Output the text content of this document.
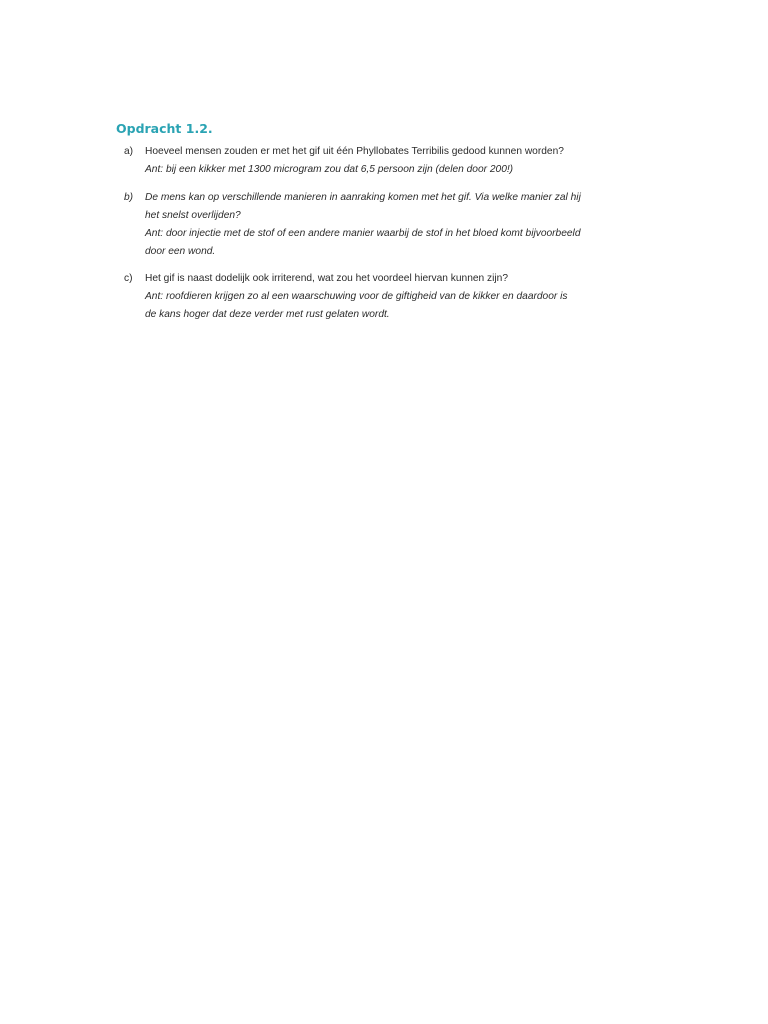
Opdracht 1.2.
a)	Hoeveel mensen zouden er met het gif uit één Phyllobates Terribilis gedood kunnen worden?
Ant: bij een kikker met 1300 microgram zou dat 6,5 persoon zijn (delen door 200!)
b)	De mens kan op verschillende manieren in aanraking komen met het gif. Via welke manier zal hij
het snelst overlijden?
Ant: door injectie met de stof of een andere manier waarbij de stof in het bloed komt bijvoorbeeld
door een wond.
c)	Het gif is naast dodelijk ook irriterend, wat zou het voordeel hiervan kunnen zijn?
Ant: roofdieren krijgen zo al een waarschuwing voor de giftigheid van de kikker en daardoor is
de kans hoger dat deze verder met rust gelaten wordt.
